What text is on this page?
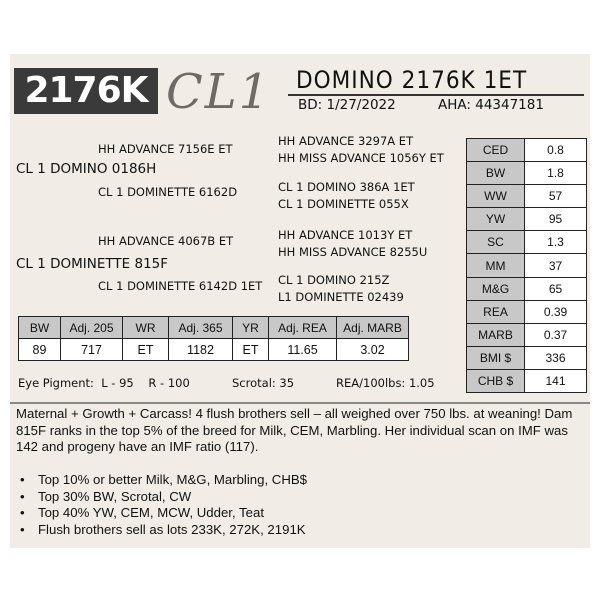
2176K CL1	DOMINO 2176K 1ET
BD: 1/27/2022	AHA: 44347181
HH ADVANCE 7156E ET
CL 1 DOMINO 0186H
CL 1 DOMINETTE 6162D
HH ADVANCE 3297A ET
HH MISS ADVANCE 1056Y ET
CL 1 DOMINO 386A 1ET
CL 1 DOMINETTE 055X
HH ADVANCE 4067B ET
CL 1 DOMINETTE 815F
CL 1 DOMINETTE 6142D 1ET
HH ADVANCE 1013Y ET
HH MISS ADVANCE 8255U
CL 1 DOMINO 215Z
L1 DOMINETTE 02439
CED	0.8
BW	1.8
WW	57
YW	95
SC	1.3
MM	37
M&G	65
REA	0.39
MARB	0.37
BMI $	336
CHB $	141
BW	Adj. 205	WR	Adj. 365	YR	Adj. REA	Adj. MARB
89	717	ET	1182	ET	11.65	3.02
Eye Pigment:  L - 95    R - 100	Scrotal: 35	REA/100lbs: 1.05
Maternal + Growth + Carcass! 4 flush brothers sell – all weighed over 750 lbs. at weaning! Dam 815F ranks in the top 5% of the breed for Milk, CEM, Marbling. Her individual scan on IMF was 142 and progeny have an IMF ratio (117).
• Top 10% or better Milk, M&G, Marbling, CHB$
• Top 30% BW, Scrotal, CW
• Top 40% YW, CEM, MCW, Udder, Teat
• Flush brothers sell as lots 233K, 272K, 2191K
